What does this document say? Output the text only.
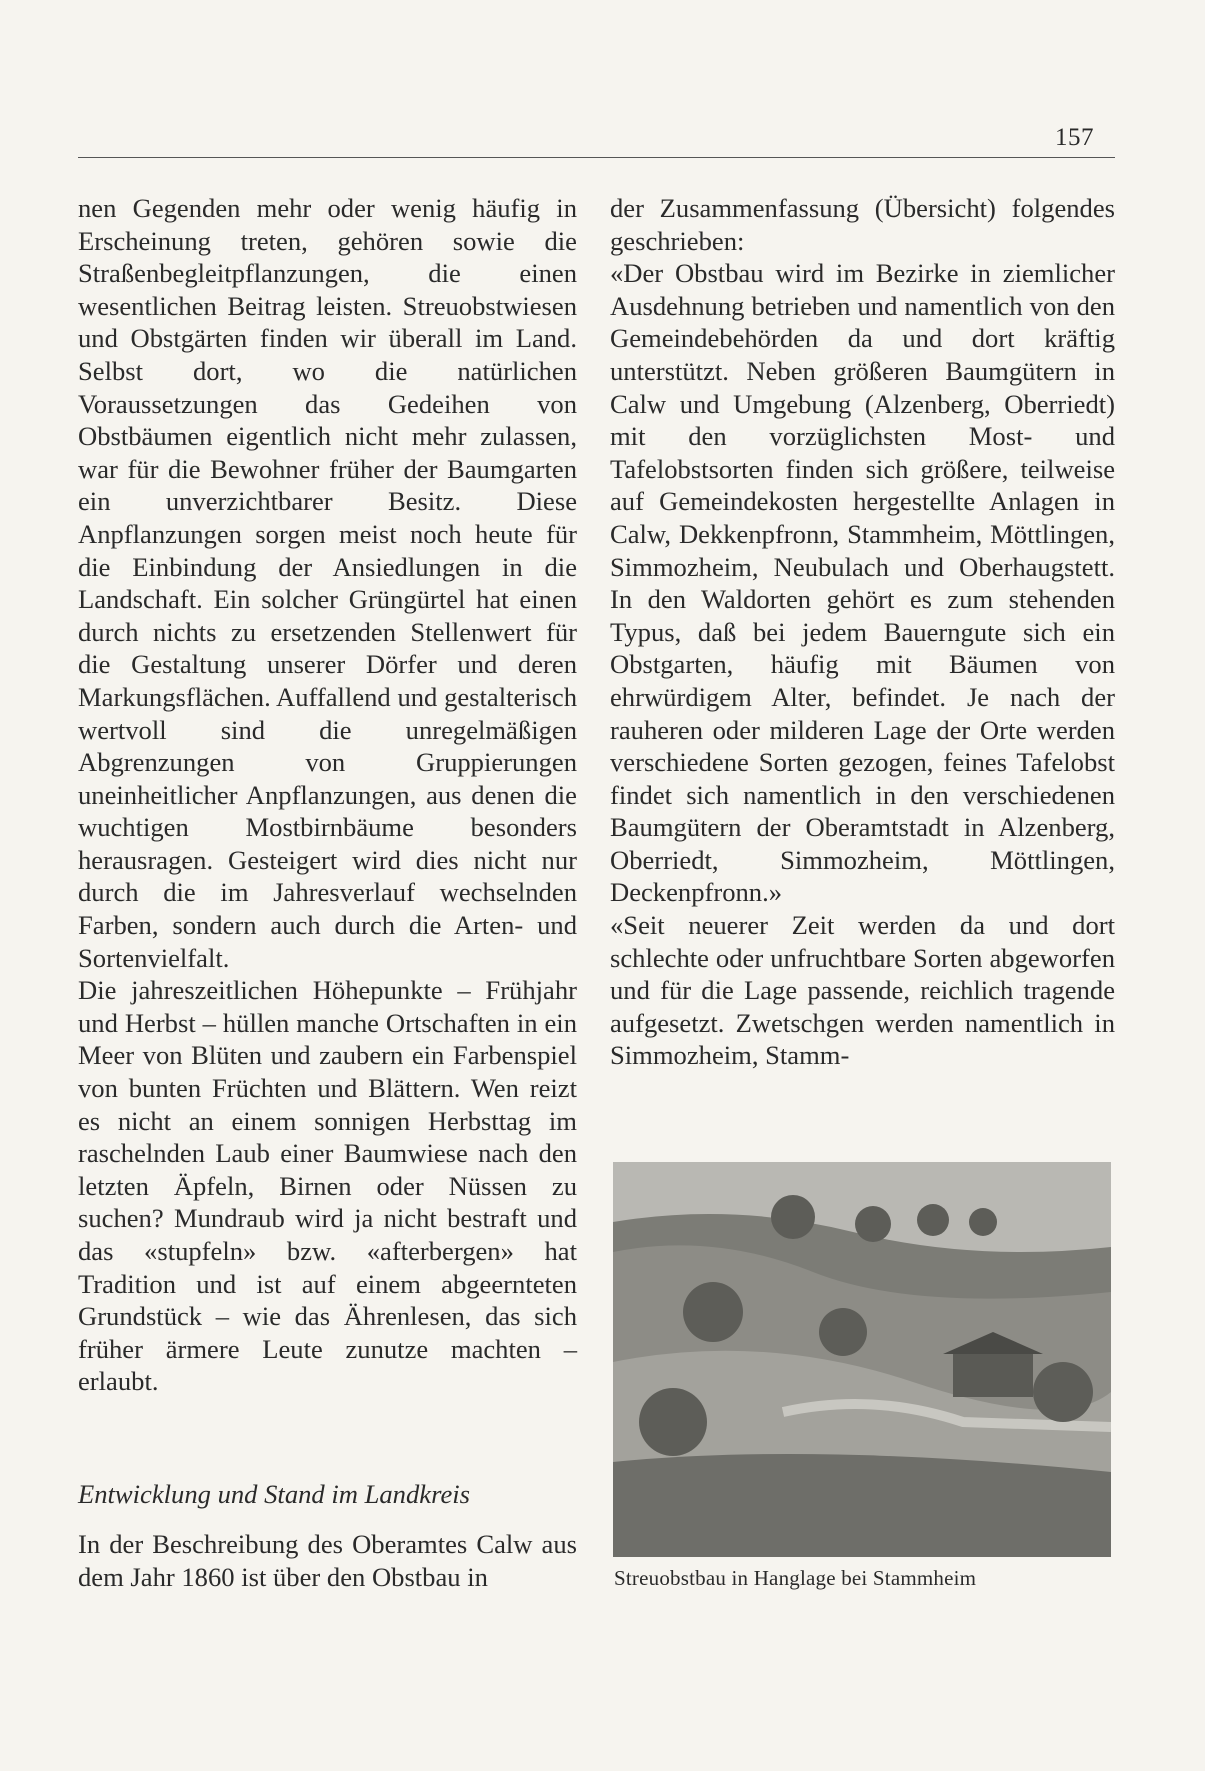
157

nen Gegenden mehr oder wenig häufig in Erscheinung treten, gehören sowie die Straßenbegleitpflanzungen, die einen wesentlichen Beitrag leisten. Streuobstwiesen und Obstgärten finden wir überall im Land. Selbst dort, wo die natürlichen Voraussetzungen das Gedeihen von Obstbäumen eigentlich nicht mehr zulassen, war für die Bewohner früher der Baumgarten ein unverzichtbarer Besitz. Diese Anpflanzungen sorgen meist noch heute für die Einbindung der Ansiedlungen in die Landschaft. Ein solcher Grüngürtel hat einen durch nichts zu ersetzenden Stellenwert für die Gestaltung unserer Dörfer und deren Markungsflächen. Auffallend und gestalterisch wertvoll sind die unregelmäßigen Abgrenzungen von Gruppierungen uneinheitlicher Anpflanzungen, aus denen die wuchtigen Mostbirnbäume besonders herausragen. Gesteigert wird dies nicht nur durch die im Jahresverlauf wechselnden Farben, sondern auch durch die Arten- und Sortenvielfalt.

Die jahreszeitlichen Höhepunkte – Frühjahr und Herbst – hüllen manche Ortschaften in ein Meer von Blüten und zaubern ein Farbenspiel von bunten Früchten und Blättern. Wen reizt es nicht an einem sonnigen Herbsttag im raschelnden Laub einer Baumwiese nach den letzten Äpfeln, Birnen oder Nüssen zu suchen? Mundraub wird ja nicht bestraft und das «stupfeln» bzw. «afterbergen» hat Tradition und ist auf einem abgeernteten Grundstück – wie das Ährenlesen, das sich früher ärmere Leute zunutze machten – erlaubt.

Entwicklung und Stand im Landkreis

In der Beschreibung des Oberamtes Calw aus dem Jahr 1860 ist über den Obstbau in

der Zusammenfassung (Übersicht) folgendes geschrieben:

«Der Obstbau wird im Bezirke in ziemlicher Ausdehnung betrieben und namentlich von den Gemeindebehörden da und dort kräftig unterstützt. Neben größeren Baumgütern in Calw und Umgebung (Alzenberg, Oberriedt) mit den vorzüglichsten Most- und Tafelobstsorten finden sich größere, teilweise auf Gemeindekosten hergestellte Anlagen in Calw, Dekkenpfronn, Stammheim, Möttlingen, Simmozheim, Neubulach und Oberhaugstett. In den Waldorten gehört es zum stehenden Typus, daß bei jedem Bauerngute sich ein Obstgarten, häufig mit Bäumen von ehrwürdigem Alter, befindet. Je nach der rauheren oder milderen Lage der Orte werden verschiedene Sorten gezogen, feines Tafelobst findet sich namentlich in den verschiedenen Baumgütern der Oberamtstadt in Alzenberg, Oberriedt, Simmozheim, Möttlingen, Deckenpfronn.»

«Seit neuerer Zeit werden da und dort schlechte oder unfruchtbare Sorten abgeworfen und für die Lage passende, reichlich tragende aufgesetzt. Zwetschgen werden namentlich in Simmozheim, Stamm-

Streuobstbau in Hanglage bei Stammheim
